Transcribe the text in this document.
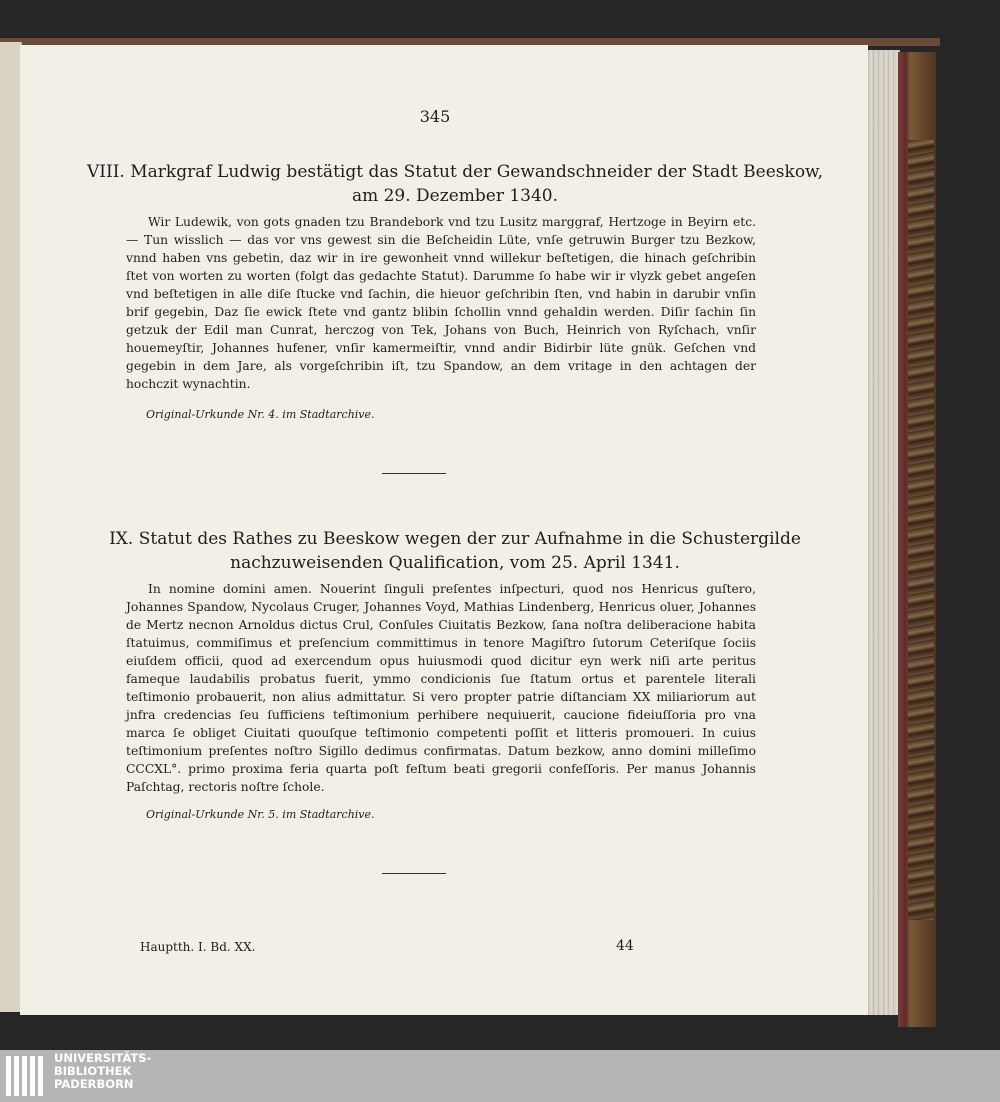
345
VIII. Markgraf Ludwig bestätigt das Statut der Gewandschneider der Stadt Beeskow,
am 29. Dezember 1340.

Wir Ludewik, von gots gnaden tzu Brandebork vnd tzu Lusitz marggraf, Hertzoge in Beyirn etc. — Tun wisslich — das vor vns gewest sin die Beſcheidin Lüte, vnſe getruwin Burger tzu Bezkow, vnnd haben vns gebetin, daz wir in ire gewonheit vnnd willekur beſtetigen, die hinach geſchribin ſtet von worten zu worten (folgt das gedachte Statut). Darumme ſo habe wir ir vlyzk gebet angeſen vnd beſtetigen in alle diſe ſtucke vnd ſachin, die hieuor geſchribin ſten, vnd habin in darubir vnſin brif gegebin, Daz ſie ewick ſtete vnd gantz blibin ſchollin vnnd gehaldin werden. Diſir ſachin ſin getzuk der Edil man Cunrat, herczog von Tek, Johans von Buch, Heinrich von Ryſchach, vnſir houemeyſtir, Johannes hufener, vnſir kamermeiſtir, vnnd andir Bidirbir lüte gnük. Geſchen vnd gegebin in dem Jare, als vorgeſchribin iſt, tzu Spandow, an dem vritage in den achtagen der hochczit wynachtin.

Original-Urkunde Nr. 4. im Stadtarchive.
IX. Statut des Rathes zu Beeskow wegen der zur Aufnahme in die Schustergilde
nachzuweisenden Qualification, vom 25. April 1341.

In nomine domini amen. Nouerint ſinguli preſentes inſpecturi, quod nos Henricus guſtero, Johannes Spandow, Nycolaus Cruger, Johannes Voyd, Mathias Lindenberg, Henricus oluer, Johannes de Mertz necnon Arnoldus dictus Crul, Conſules Ciuitatis Bezkow, ſana noſtra deliberacione habita ſtatuimus, commiſimus et preſencium committimus in tenore Magiſtro ſutorum Ceteriſque ſociis eiuſdem officii, quod ad exercendum opus huiusmodi quod dicitur eyn werk niſi arte peritus fameque laudabilis probatus fuerit, ymmo condicionis ſue ſtatum ortus et parentele literali teſtimonio probauerit, non alius admittatur. Si vero propter patrie diſtanciam XX miliariorum aut jnfra credencias ſeu ſufficiens teſtimonium perhibere nequiuerit, caucione fideiuſſoria pro vna marca ſe obliget Ciuitati quouſque teſtimonio competenti poſſit et litteris promoueri. In cuius teſtimonium preſentes noſtro Sigillo dedimus confirmatas. Datum bezkow, anno domini milleſimo CCCXL°. primo proxima feria quarta poſt feſtum beati gregorii confeſſoris. Per manus Johannis Paſchtag, rectoris noſtre ſchole.

Original-Urkunde Nr. 5. im Stadtarchive.
Hauptth. I. Bd. XX.	44
UNIVERSITÄTS-
BIBLIOTHEK
PADERBORN
